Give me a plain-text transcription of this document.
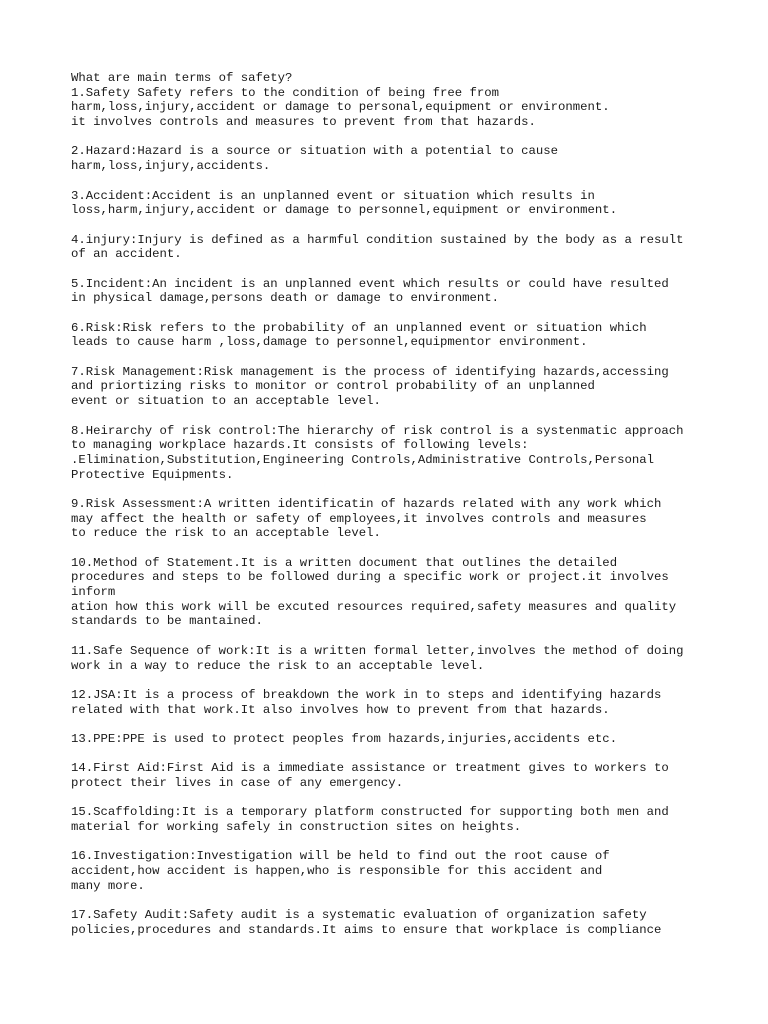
What are main terms of safety?
1.Safety Safety refers to the condition of being free from
harm,loss,injury,accident or damage to personal,equipment or environment.
it involves controls and measures to prevent from that hazards.
2.Hazard:Hazard is a source or situation with a potential to cause
harm,loss,injury,accidents.
3.Accident:Accident is an unplanned event or situation which results in
loss,harm,injury,accident or damage to personnel,equipment or environment.
4.injury:Injury is defined as a harmful condition sustained by the body as a result
of an accident.
5.Incident:An incident is an unplanned event which results or could have resulted
in physical damage,persons death or damage to environment.
6.Risk:Risk refers to the probability of an unplanned event or situation which
leads to cause harm ,loss,damage to personnel,equipmentor environment.
7.Risk Management:Risk management is the process of identifying hazards,accessing
and priortizing risks to monitor or control probability of an unplanned
event or situation to an acceptable level.
8.Heirarchy of risk control:The hierarchy of risk control is a systenmatic approach
to managing workplace hazards.It consists of following levels:
.Elimination,Substitution,Engineering Controls,Administrative Controls,Personal
Protective Equipments.
9.Risk Assessment:A written identificatin of hazards related with any work which
may affect the health or safety of employees,it involves controls and measures
to reduce the risk to an acceptable level.
10.Method of Statement.It is a written document that outlines the detailed
procedures and steps to be followed during a specific work or project.it involves
inform
ation how this work will be excuted resources required,safety measures and quality
standards to be mantained.
11.Safe Sequence of work:It is a written formal letter,involves the method of doing
work in a way to reduce the risk to an acceptable level.
12.JSA:It is a process of breakdown the work in to steps and identifying hazards
related with that work.It also involves how to prevent from that hazards.
13.PPE:PPE is used to protect peoples from hazards,injuries,accidents etc.
14.First Aid:First Aid is a immediate assistance or treatment gives to workers to
protect their lives in case of any emergency.
15.Scaffolding:It is a temporary platform constructed for supporting both men and
material for working safely in construction sites on heights.
16.Investigation:Investigation will be held to find out the root cause of
accident,how accident is happen,who is responsible for this accident and
many more.
17.Safety Audit:Safety audit is a systematic evaluation of organization safety
policies,procedures and standards.It aims to ensure that workplace is compliance
